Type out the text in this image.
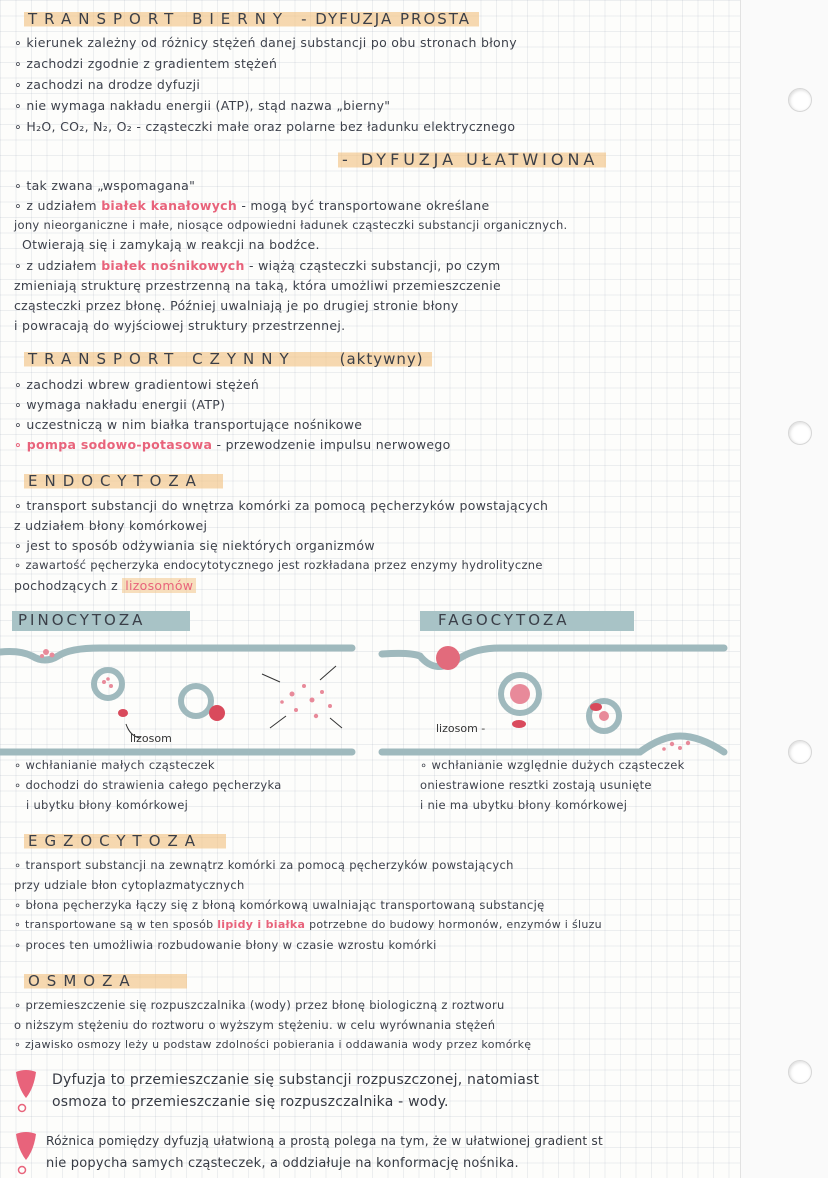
TRANSPORT BIERNY - DYFUZJA PROSTA
∘ kierunek zależny od różnicy stężeń danej substancji po obu stronach błony
∘ zachodzi zgodnie z gradientem stężeń
∘ zachodzi na drodze dyfuzji
∘ nie wymaga nakładu energii (ATP), stąd nazwa „bierny"
∘ H₂O, CO₂, N₂, O₂ - cząsteczki małe oraz polarne bez ładunku elektrycznego
- DYFUZJA UŁATWIONA
∘ tak zwana „wspomagana"
∘ z udziałem białek kanałowych - mogą być transportowane określane
jony nieorganiczne i małe, niosące odpowiedni ładunek cząsteczki substancji organicznych.
Otwierają się i zamykają w reakcji na bodźce.
∘ z udziałem białek nośnikowych - wiążą cząsteczki substancji, po czym
zmieniają strukturę przestrzenną na taką, która umożliwi przemieszczenie
cząsteczki przez błonę. Później uwalniają je po drugiej stronie błony
i powracają do wyjściowej struktury przestrzennej.
TRANSPORT CZYNNY	(aktywny)
∘ zachodzi wbrew gradientowi stężeń
∘ wymaga nakładu energii (ATP)
∘ uczestniczą w nim białka transportujące nośnikowe
∘ pompa sodowo-potasowa - przewodzenie impulsu nerwowego
ENDOCYTOZA
∘ transport substancji do wnętrza komórki za pomocą pęcherzyków powstających
z udziałem błony komórkowej
∘ jest to sposób odżywiania się niektórych organizmów
∘ zawartość pęcherzyka endocytotycznego jest rozkładana przez enzymy hydrolityczne
pochodzących z lizosomów
PINOCYTOZA	FAGOCYTOZA
lizosom
lizosom -
∘ wchłanianie małych cząsteczek
∘ dochodzi do strawienia całego pęcherzyka
i ubytku błony komórkowej
∘ wchłanianie względnie dużych cząsteczek
oniestrawione resztki zostają usunięte
i nie ma ubytku błony komórkowej
EGZOCYTOZA
∘ transport substancji na zewnątrz komórki za pomocą pęcherzyków powstających
przy udziale błon cytoplazmatycznych
∘ błona pęcherzyka łączy się z błoną komórkową uwalniając transportowaną substancję
∘ transportowane są w ten sposób lipidy i białka potrzebne do budowy hormonów, enzymów i śluzu
∘ proces ten umożliwia rozbudowanie błony w czasie wzrostu komórki
OSMOZA
∘ przemieszczenie się rozpuszczalnika (wody) przez błonę biologiczną z roztworu
o niższym stężeniu do roztworu o wyższym stężeniu. w celu wyrównania stężeń
∘ zjawisko osmozy leży u podstaw zdolności pobierania i oddawania wody przez komórkę
Dyfuzja to przemieszczanie się substancji rozpuszczonej, natomiast
osmoza to przemieszczanie się rozpuszczalnika - wody.
Różnica pomiędzy dyfuzją ułatwioną a prostą polega na tym, że w ułatwionej gradient st
nie popycha samych cząsteczek, a oddziałuje na konformację nośnika.
